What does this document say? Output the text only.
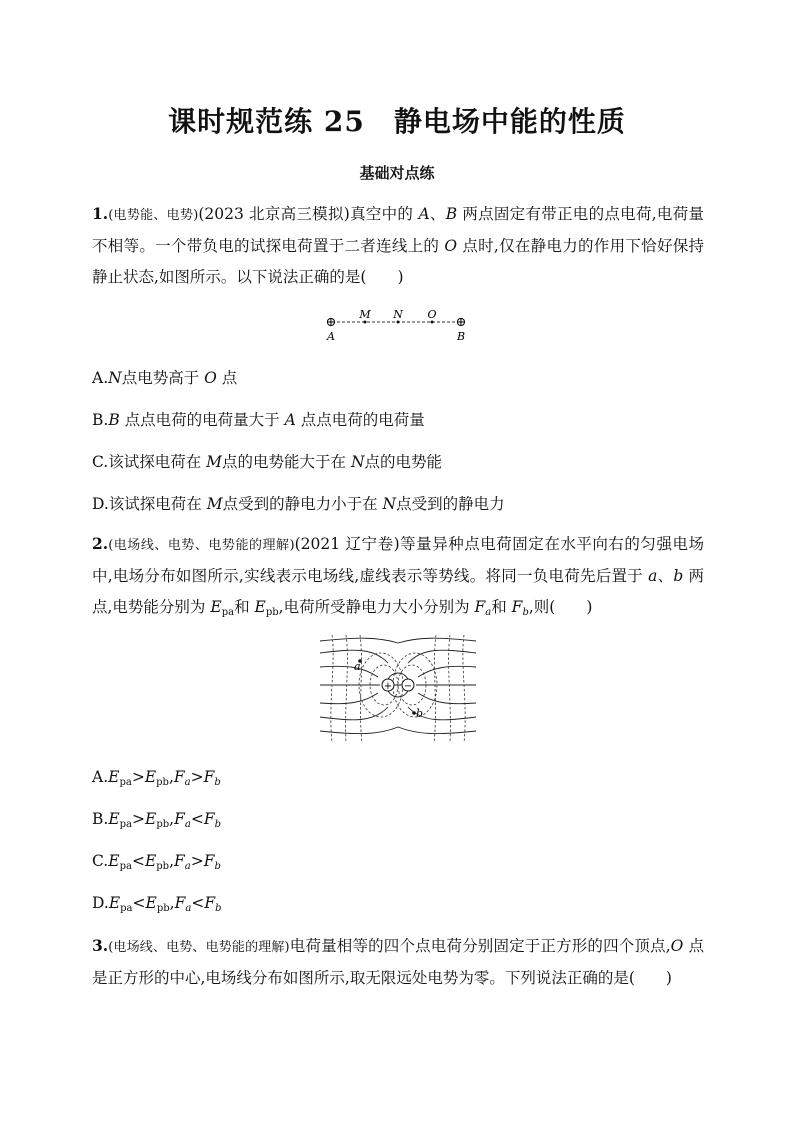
课时规范练 25　静电场中能的性质
基础对点练
1.(电势能、电势)(2023 北京高三模拟)真空中的 A、B 两点固定有带正电的点电荷,电荷量不相等。一个带负电的试探电荷置于二者连线上的 O 点时,仅在静电力的作用下恰好保持静止状态,如图所示。以下说法正确的是(　　)
⊕	⊕
M N O
A	B
A.N点电势高于 O 点
B.B 点点电荷的电荷量大于 A 点点电荷的电荷量
C.该试探电荷在 M点的电势能大于在 N点的电势能
D.该试探电荷在 M点受到的静电力小于在 N点受到的静电力
2.(电场线、电势、电势能的理解)(2021 辽宁卷)等量异种点电荷固定在水平向右的匀强电场中,电场分布如图所示,实线表示电场线,虚线表示等势线。将同一负电荷先后置于 a、b 两点,电势能分别为 $E_{pa}$和 $E_{pb}$,电荷所受静电力大小分别为 $F_a$和 $F_b$,则(　　)
+ −
a
b
$A.E_{pa}>E_{pb},F_a>F_b$
$B.E_{pa}>E_{pb},F_a<F_b$
$C.E_{pa}<E_{pb},F_a>F_b$
$D.E_{pa}<E_{pb},F_a<F_b$
3.(电场线、电势、电势能的理解)电荷量相等的四个点电荷分别固定于正方形的四个顶点,O 点是正方形的中心,电场线分布如图所示,取无限远处电势为零。下列说法正确的是(　　)
